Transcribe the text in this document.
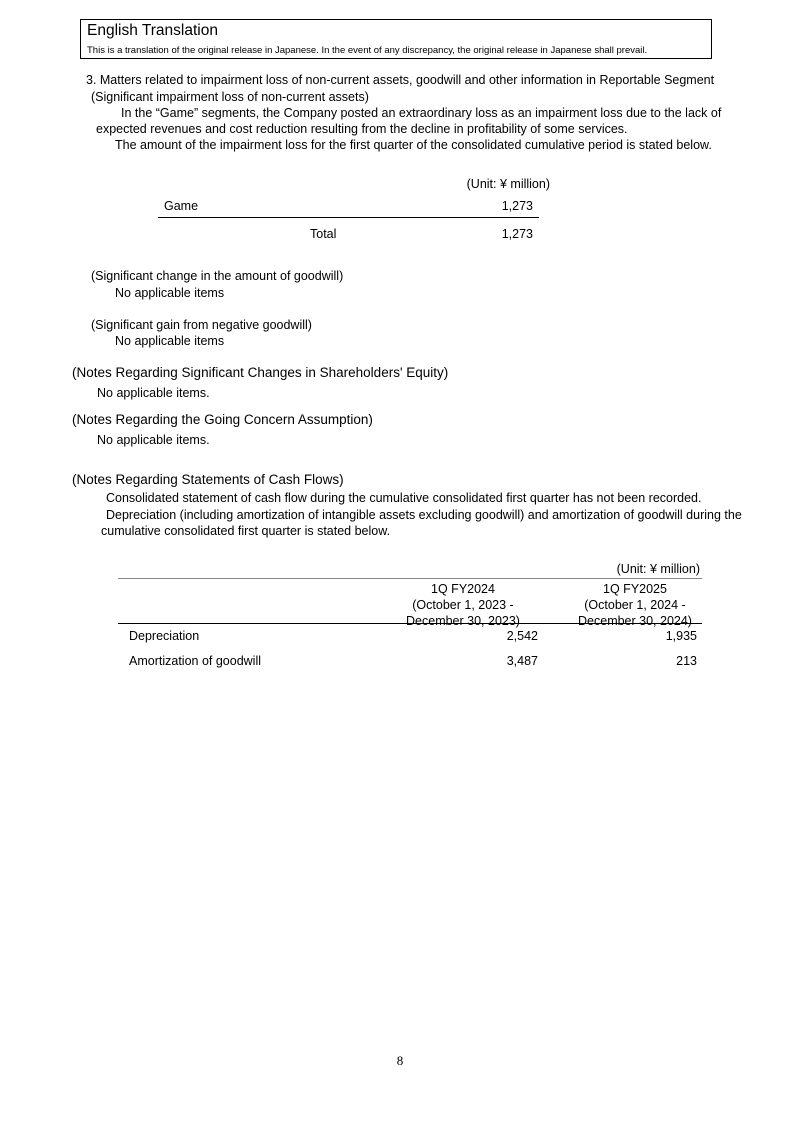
English Translation
This is a translation of the original release in Japanese. In the event of any discrepancy, the original release in Japanese shall prevail.
3. Matters related to impairment loss of non-current assets, goodwill and other information in Reportable Segment
(Significant impairment loss of non-current assets)
In the “Game” segments, the Company posted an extraordinary loss as an impairment loss due to the lack of
expected revenues and cost reduction resulting from the decline in profitability of some services.
The amount of the impairment loss for the first quarter of the consolidated cumulative period is stated below.
(Unit: ¥ million)
Game	1,273
Total	1,273
(Significant change in the amount of goodwill)
No applicable items
(Significant gain from negative goodwill)
No applicable items
(Notes Regarding Significant Changes in Shareholders' Equity)
No applicable items.
(Notes Regarding the Going Concern Assumption)
No applicable items.
(Notes Regarding Statements of Cash Flows)
Consolidated statement of cash flow during the cumulative consolidated first quarter has not been recorded.
Depreciation (including amortization of intangible assets excluding goodwill) and amortization of goodwill during the
cumulative consolidated first quarter is stated below.
(Unit: ¥ million)
1Q FY2024
(October 1, 2023 -
December 30, 2023)
1Q FY2025
(October 1, 2024 -
December 30, 2024)
Depreciation	2,542	1,935
Amortization of goodwill	3,487	213
8
